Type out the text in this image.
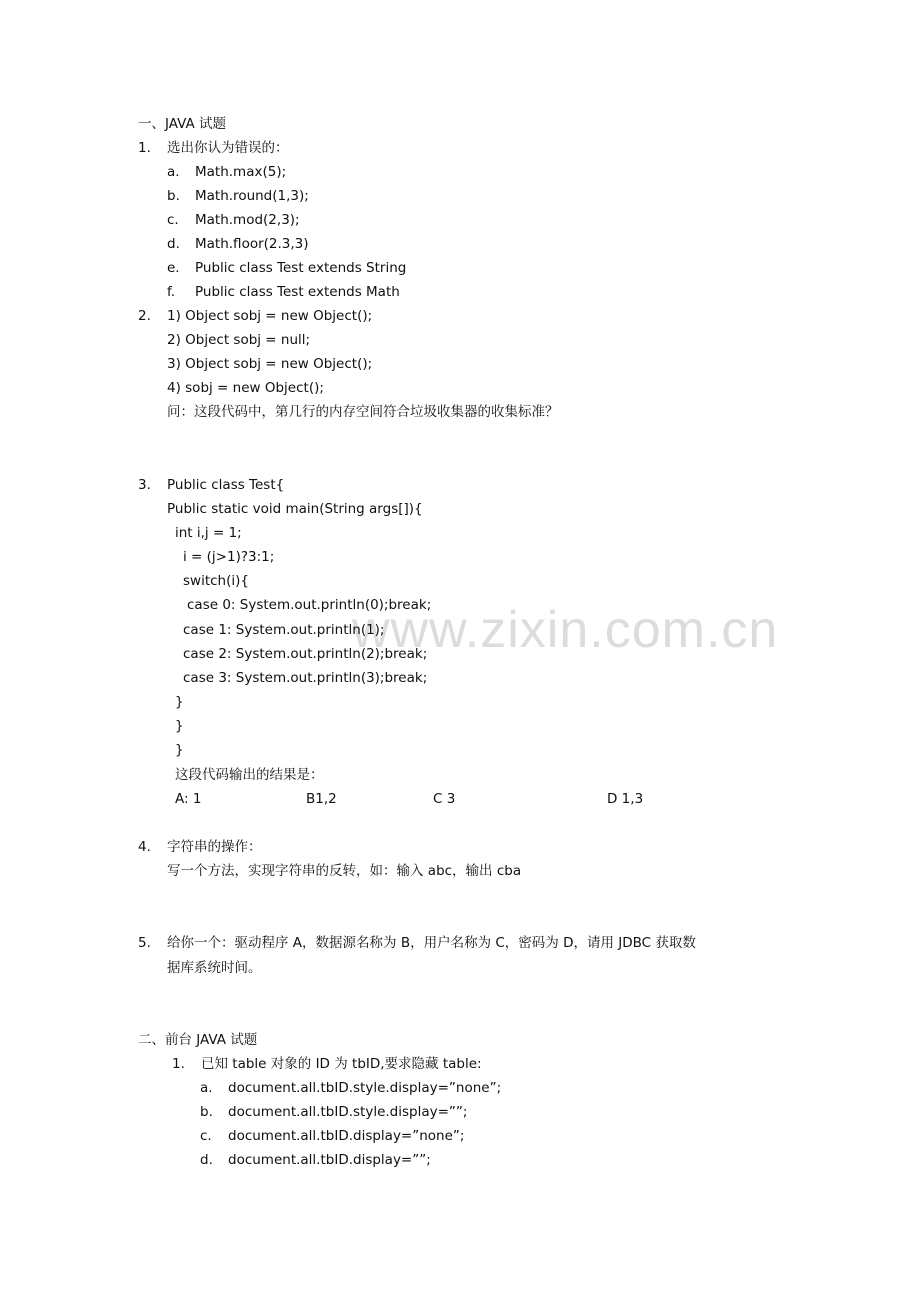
www.zixin.com.cn
一、JAVA 试题
1. 选出你认为错误的：
a. Math.max(5);
b. Math.round(1,3);
c. Math.mod(2,3);
d. Math.floor(2.3,3)
e. Public class Test extends String
f. Public class Test extends Math
2. 1) Object sobj = new Object();
2) Object sobj = null;
3) Object sobj = new Object();
4) sobj = new Object();
问：这段代码中，第几行的内存空间符合垃圾收集器的收集标准？
3. Public class Test{
Public static void main(String args[]){
int i,j = 1;
i = (j>1)?3:1;
switch(i){
case 0: System.out.println(0);break;
case 1: System.out.println(1);
case 2: System.out.println(2);break;
case 3: System.out.println(3);break;
}
}
}
这段代码输出的结果是：
A: 1	B1,2	C 3	D 1,3
4. 字符串的操作：
写一个方法，实现字符串的反转，如：输入 abc，输出 cba
5. 给你一个：驱动程序 A，数据源名称为 B，用户名称为 C，密码为 D，请用 JDBC 获取数
据库系统时间。
二、前台 JAVA 试题
1. 已知 table 对象的 ID 为 tbID,要求隐藏 table:
a. document.all.tbID.style.display=”none”;
b. document.all.tbID.style.display=””;
c. document.all.tbID.display=”none”;
d. document.all.tbID.display=””;
